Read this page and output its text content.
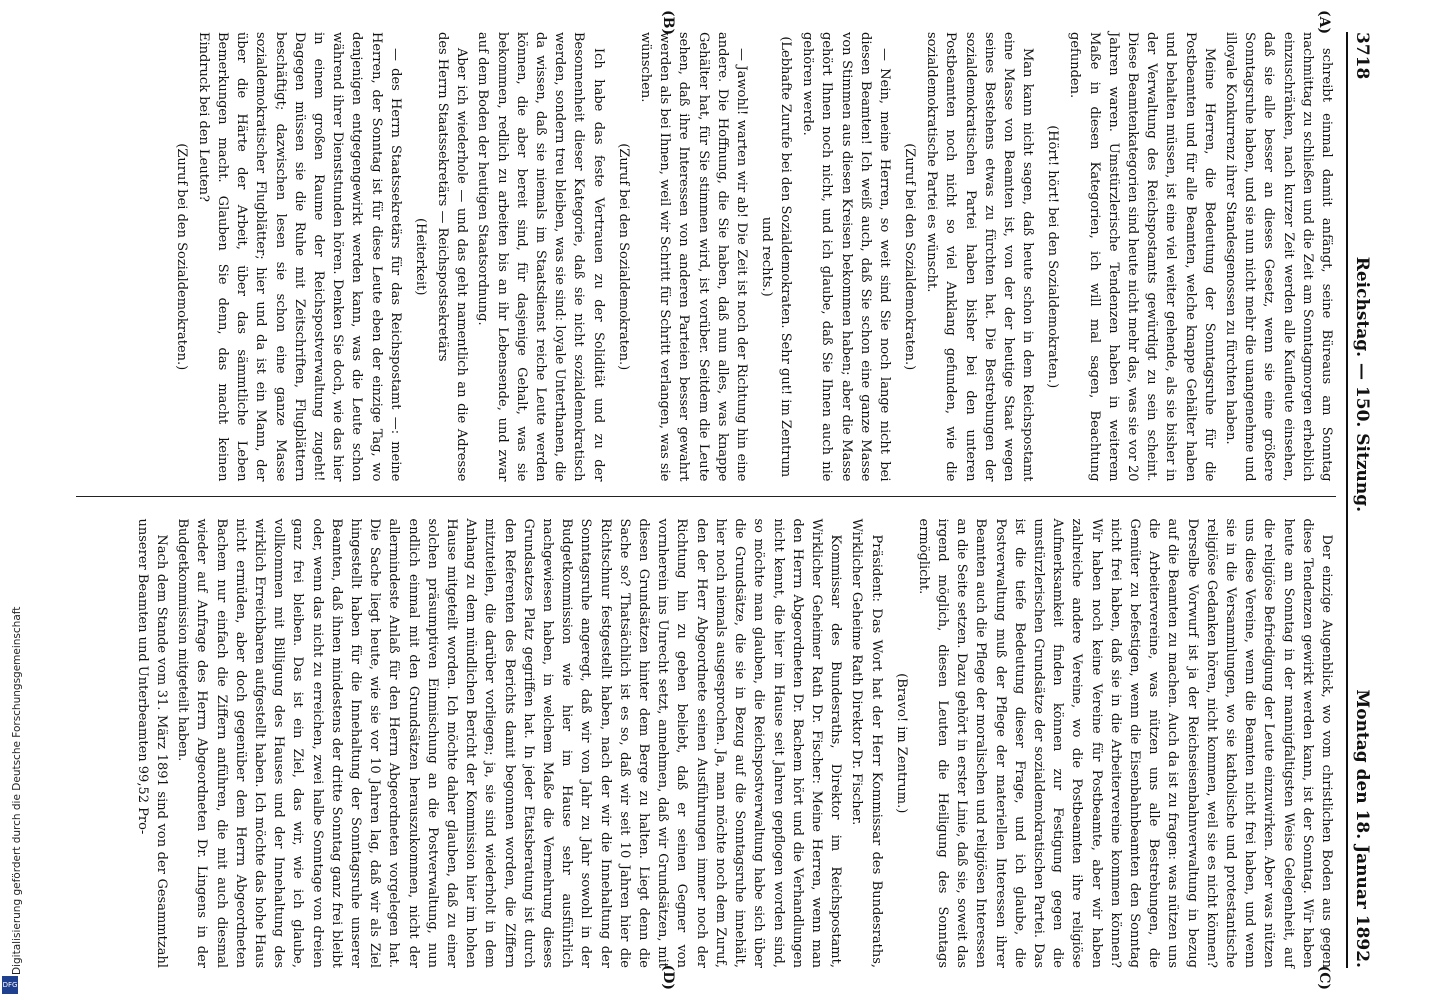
3718
Reichstag. — 150. Sitzung.
Montag den 18. Januar 1892.
(A)
(B)

schreibt einmal damit anfängt, seine Büreaus am Sonntag nachmittag zu schließen und die Zeit am Sonntagmorgen erheblich einzuschränken, nach kurzer Zeit werden alle Kaufleute einsehen, daß sie alle besser an dieses Gesetz, wenn sie eine größere Sonntagsruhe haben, und sie nun nicht mehr die unangenehme und illoyale Konkurrenz ihrer Standesgenossen zu fürchten haben.

Meine Herren, die Bedeutung der Sonntagsruhe für die Postbeamten und für alle Beamten, welche knappe Gehälter haben und behalten müssen, ist eine viel weiter gehende, als sie bisher in der Verwaltung des Reichspostamts gewürdigt zu sein scheint. Diese Beamtenkategorien sind heute nicht mehr das, was sie vor 20 Jahren waren. Umstürzlerische Tendenzen haben in weiterem Maße in diesen Kategorien, ich will mal sagen, Beachtung gefunden.

(Hört! hört! bei den Sozialdemokraten.)

Man kann nicht sagen, daß heute schon in dem Reichspostamt eine Masse von Beamten ist, von der der heutige Staat wegen seines Bestehens etwas zu fürchten hat. Die Bestrebungen der sozialdemokratischen Partei haben bisher bei den unteren Postbeamten noch nicht so viel Anklang gefunden, wie die sozialdemokratische Partei es wünscht.

(Zuruf bei den Sozialdemokraten.)

— Nein, meine Herren, so weit sind Sie noch lange nicht bei diesen Beamten! Ich weiß auch, daß Sie schon eine ganze Masse von Stimmen aus diesen Kreisen bekommen haben; aber die Masse gehört Ihnen noch nicht, und ich glaube, daß Sie Ihnen auch nie gehören werde.

(Lebhafte Zurufe bei den Sozialdemokraten. Sehr gut! im Zentrum und rechts.)

— Jawohl! warten wir ab! Die Zeit ist noch der Richtung hin eine andere. Die Hoffnung, die Sie haben, daß nun alles, was knappe Gehälter hat, für Sie stimmen wird, ist vorüber. Seitdem die Leute sehen, daß ihre Interessen von anderen Parteien besser gewahrt werden als bei Ihnen, weil wir Schritt für Schritt verlangen, was sie wünschen.

(Zuruf bei den Sozialdemokraten.)

Ich habe das feste Vertrauen zu der Solidität und zu der Besonnenheit dieser Kategorie, daß sie nicht sozialdemokratisch werden, sondern treu bleiben, was sie sind: loyale Unterthanen, die da wissen, daß sie niemals im Staatsdienst reiche Leute werden können, die aber bereit sind, für dasjenige Gehalt, was sie bekommen, redlich zu arbeiten bis an ihr Lebensende, und zwar auf dem Boden der heutigen Staatsordnung.

Aber ich wiederhole — und das geht namentlich an die Adresse des Herrn Staatssekretärs — Reichspostsekretärs

(Heiterkeit)

— des Herrn Staatssekretärs für das Reichspostamt —: meine Herren, der Sonntag ist für diese Leute eben der einzige Tag, wo denjenigen entgegengewirkt werden kann, was die Leute schon während ihrer Dienststunden hören. Denken Sie doch, wie das hier in einem großen Raume der Reichspostverwaltung zugeht! Dagegen müssen sie die Ruhe mit Zeitschriften, Flugblättern beschäftigt; dazwischen lesen sie schon eine ganze Masse sozialdemokratischer Flugblätter; hier und da ist ein Mann, der über die Härte der Arbeit, über das sämmtliche Leben Bemerkungen macht. Glauben Sie denn, das macht keinen Eindruck bei den Leuten?

(Zuruf bei den Sozialdemokraten.)

(C)
(D)

Der einzige Augenblick, wo vom christlichen Boden aus gegen diese Tendenzen gewirkt werden kann, ist der Sonntag. Wir haben heute am Sonntag in der mannigfaltigsten Weise Gelegenheit, auf die religiöse Befriedigung der Leute einzuwirken. Aber was nützen uns diese Vereine, wenn die Beamten nicht frei haben, und wenn sie in die Versammlungen, wo sie katholische und protestantische religiöse Gedanken hören, nicht kommen, weil sie es nicht können? Derselbe Vorwurf ist ja der Reichseisenbahnverwaltung in bezug auf die Beamten zu machen. Auch da ist zu fragen: was nützen uns die Arbeitervereine, was nützen uns alle Bestrebungen, die Gemüter zu befestigen, wenn die Eisenbahnbeamten den Sonntag nicht frei haben, daß sie in die Arbeitervereine kommen können? Wir haben noch keine Vereine für Postbeamte, aber wir haben zahlreiche andere Vereine, wo die Postbeamten ihre religiöse Aufmerksamkeit finden können zur Festigung gegen die umstürzlerischen Grundsätze der sozialdemokratischen Partei. Das ist die tiefe Bedeutung dieser Frage, und ich glaube, die Postverwaltung muß der Pflege der materiellen Interessen ihrer Beamten auch die Pflege der moralischen und religiösen Interessen an die Seite setzen. Dazu gehört in erster Linie, daß sie, soweit das irgend möglich, diesen Leuten die Heiligung des Sonntags ermöglicht.

(Bravo! im Zentrum.)

Präsident: Das Wort hat der Herr Kommissar des Bundesraths, Wirklicher Geheime Rath Direktor Dr. Fischer.

Kommissar des Bundesraths, Direktor im Reichspostamt, Wirklicher Geheimer Rath Dr. Fischer: Meine Herren, wenn man den Herrn Abgeordneten Dr. Bachem hört und die Verhandlungen nicht kennt, die hier im Hause seit Jahren gepflogen worden sind, so möchte man glauben, die Reichspostverwaltung habe sich über die Grundsätze, die sie in Bezug auf die Sonntagsruhe innehält, hier noch niemals ausgesprochen. Ja, man möchte noch dem Zuruf, den der Herr Abgeordnete seinen Ausführungen immer noch der Richtung hin zu geben beliebt, daß er seinen Gegner von vornherein ins Unrecht setzt, annehmen, daß wir Grundsätzen, mit diesen Grundsätzen hinter dem Berge zu halten. Liegt denn die Sache so? Thatsächlich ist es so, daß wir seit 10 Jahren hier die Richtschnur festgestellt haben, nach der wir die Innehaltung der Sonntagsruhe angeregt, daß wir von Jahr zu Jahr sowohl in der Budgetkommission wie hier im Hause sehr ausführlich nachgewiesen haben, in welchem Maße die Vermehrung dieses Grundsatzes Platz gegriffen hat. In jeder Etatsberatung ist durch den Referenten des Berichts damit begonnen worden, die Ziffern mitzuteilen, die darüber vorliegen; ja, sie sind wiederholt in dem Anhang zu dem mündlichen Bericht der Kommission hier im hohen Hause mitgeteilt worden. Ich möchte daher glauben, daß zu einer solchen präsumptiven Einmischung an die Postverwaltung, nun endlich einmal mit den Grundsätzen herauszukommen, nicht der allermindeste Anlaß für den Herrn Abgeordneten vorgelegen hat. Die Sache liegt heute, wie sie vor 10 Jahren lag, daß wir als Ziel hingestellt haben für die Innehaltung der Sonntagsruhe unserer Beamten, daß ihnen mindestens der dritte Sonntag ganz frei bleibt oder, wenn das nicht zu erreichen, zwei halbe Sonntage von dreien ganz frei bleiben. Das ist ein Ziel, das wir, wie ich glaube, vollkommen mit Billigung des Hauses und der Innehaltung des wirklich Erreichbaren aufgestellt haben. Ich möchte das hohe Haus nicht ermüden, aber doch gegenüber dem Herrn Abgeordneten Bachem nur einfach die Ziffern anführen, die mit auch diesmal wieder auf Anfrage des Herrn Abgeordneten Dr. Lingens in der Budgetkommission mitgeteilt haben.

Nach dem Stande vom 31. März 1891 sind von der Gesammtzahl unserer Beamten und Unterbeamten 99,52 Pro-

DFG
Digitalisierung gefördert durch die Deutsche Forschungsgemeinschaft
